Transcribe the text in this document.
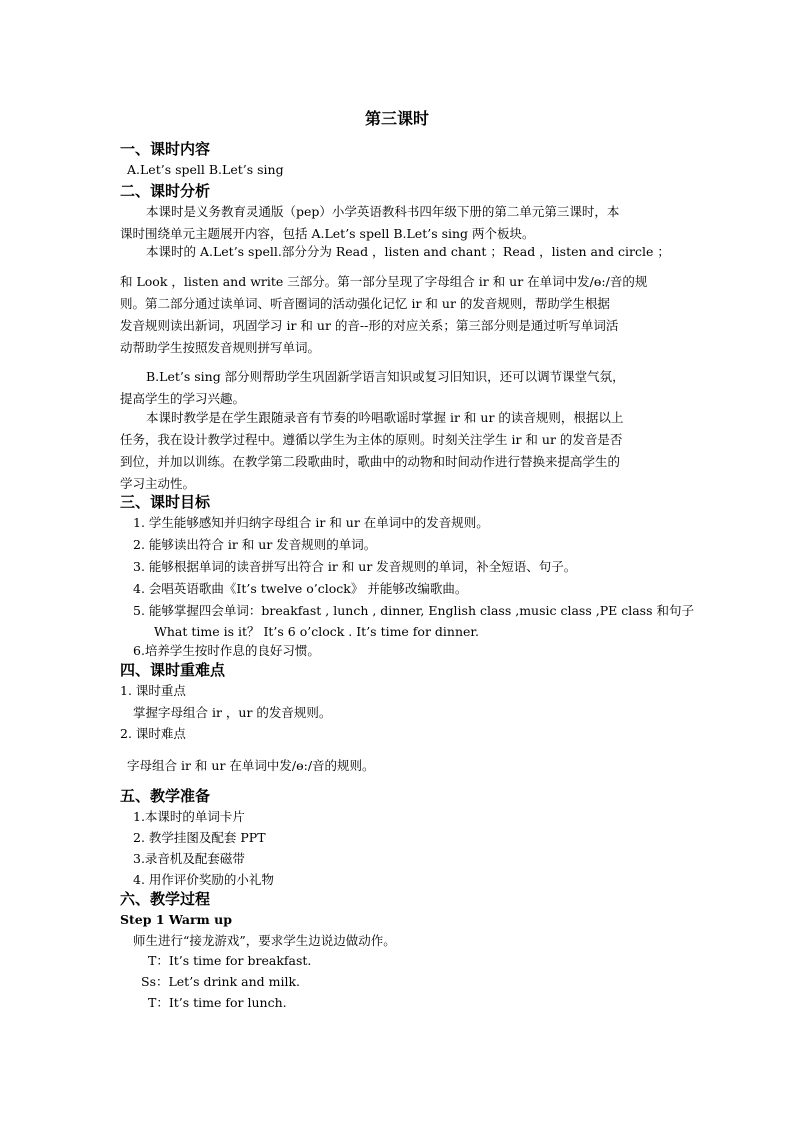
第三课时
一、课时内容
A.Let’s spell B.Let’s sing
二、课时分析
本课时是义务教育灵通版（pep）小学英语教科书四年级下册的第二单元第三课时，本
课时围绕单元主题展开内容，包括 A.Let’s spell B.Let’s sing 两个板块。
本课时的 A.Let’s spell.部分分为 Read ，listen and chant ；Read ，listen and circle ；
和 Look ，listen and write 三部分。第一部分呈现了字母组合 ir 和 ur 在单词中发/ɵ:/音的规
则。第二部分通过读单词、听音圈词的活动强化记忆 ir 和 ur 的发音规则，帮助学生根据
发音规则读出新词，巩固学习 ir 和 ur 的音--形的对应关系；第三部分则是通过听写单词活
动帮助学生按照发音规则拼写单词。
B.Let’s sing 部分则帮助学生巩固新学语言知识或复习旧知识，还可以调节课堂气氛，
提高学生的学习兴趣。
本课时教学是在学生跟随录音有节奏的吟唱歌谣时掌握 ir 和 ur 的读音规则，根据以上
任务，我在设计教学过程中。遵循以学生为主体的原则。时刻关注学生 ir 和 ur 的发音是否
到位，并加以训练。在教学第二段歌曲时，歌曲中的动物和时间动作进行替换来提高学生的
学习主动性。
三、课时目标
1. 学生能够感知并归纳字母组合 ir 和 ur 在单词中的发音规则。
2. 能够读出符合 ir 和 ur 发音规则的单词。
3. 能够根据单词的读音拼写出符合 ir 和 ur 发音规则的单词，补全短语、句子。
4. 会唱英语歌曲《It’s twelve o’clock》 并能够改编歌曲。
5. 能够掌握四会单词：breakfast , lunch , dinner, English class ,music class ,PE class 和句子
What time is it？ It’s 6 o’clock . It’s time for dinner.
6.培养学生按时作息的良好习惯。
四、课时重难点
1. 课时重点
掌握字母组合 ir ，ur 的发音规则。
2. 课时难点
字母组合 ir 和 ur 在单词中发/ɵ:/音的规则。
五、教学准备
1.本课时的单词卡片
2. 教学挂图及配套 PPT
3.录音机及配套磁带
4. 用作评价奖励的小礼物
六、教学过程
Step 1 Warm up
师生进行“接龙游戏”，要求学生边说边做动作。
T：It’s time for breakfast.
Ss：Let’s drink and milk.
T：It’s time for lunch.
